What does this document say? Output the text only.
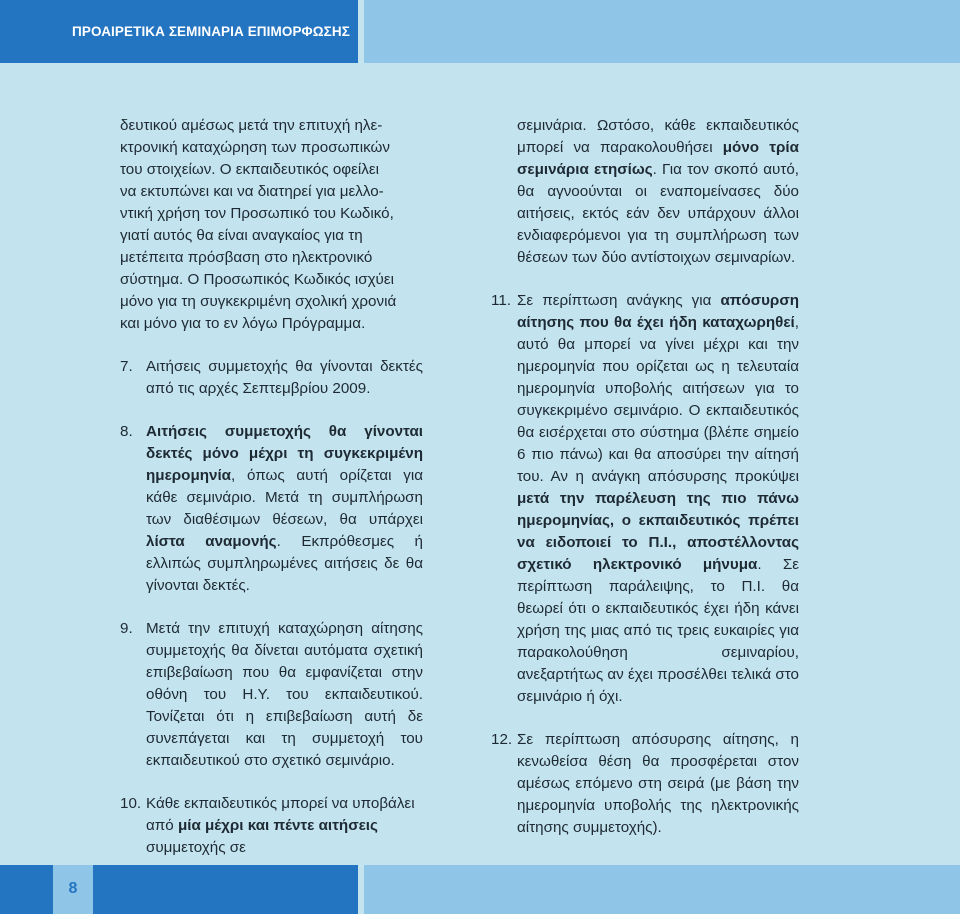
ΠΡΟΑΙΡΕΤΙΚΑ ΣΕΜΙΝΑΡΙΑ ΕΠΙΜΟΡΦΩΣΗΣ
δευτικού αμέσως μετά την επιτυχή ηλε-
κτρονική καταχώρηση των προσωπικών
του στοιχείων. Ο εκπαιδευτικός οφείλει
να εκτυπώνει και να διατηρεί για μελλο-
ντική χρήση τον Προσωπικό του Κωδικό,
γιατί αυτός θα είναι αναγκαίος για τη
μετέπειτα πρόσβαση στο ηλεκτρονικό
σύστημα. Ο Προσωπικός Κωδικός ισχύει
μόνο για τη συγκεκριμένη σχολική χρονιά
και μόνο για το εν λόγω Πρόγραμμα.
7. Αιτήσεις συμμετοχής θα γίνονται δεκτές από τις αρχές Σεπτεμβρίου 2009.
8. Αιτήσεις συμμετοχής θα γίνονται δεκτές μόνο μέχρι τη συγκεκριμένη ημερομηνία, όπως αυτή ορίζεται για κάθε σεμινάριο. Μετά τη συμπλήρωση των διαθέσιμων θέσεων, θα υπάρχει λίστα αναμονής. Εκπρόθεσμες ή ελλιπώς συμπληρωμένες αιτήσεις δε θα γίνονται δεκτές.
9. Μετά την επιτυχή καταχώρηση αίτησης συμμετοχής θα δίνεται αυτόματα σχετική επιβεβαίωση που θα εμφανίζεται στην οθόνη του Η.Υ. του εκπαιδευτικού. Τονίζεται ότι η επιβεβαίωση αυτή δε συνεπάγεται και τη συμμετοχή του εκπαιδευτικού στο σχετικό σεμινάριο.
10. Κάθε εκπαιδευτικός μπορεί να υποβάλει από μία μέχρι και πέντε αιτήσεις συμμετοχής σε
σεμινάρια. Ωστόσο, κάθε εκπαιδευτικός μπορεί να παρακολουθήσει μόνο τρία σεμινάρια ετησίως. Για τον σκοπό αυτό, θα αγνοούνται οι εναπομείνασες δύο αιτήσεις, εκτός εάν δεν υπάρχουν άλλοι ενδιαφερόμενοι για τη συμπλήρωση των θέσεων των δύο αντίστοιχων σεμιναρίων.
11. Σε περίπτωση ανάγκης για απόσυρση αίτησης που θα έχει ήδη καταχωρηθεί, αυτό θα μπορεί να γίνει μέχρι και την ημερομηνία που ορίζεται ως η τελευταία ημερομηνία υποβολής αιτήσεων για το συγκεκριμένο σεμινάριο. Ο εκπαιδευτικός θα εισέρχεται στο σύστημα (βλέπε σημείο 6 πιο πάνω) και θα αποσύρει την αίτησή του. Αν η ανάγκη απόσυρσης προκύψει μετά την παρέλευση της πιο πάνω ημερομηνίας, ο εκπαιδευτικός πρέπει να ειδοποιεί το Π.Ι., αποστέλλοντας σχετικό ηλεκτρονικό μήνυμα. Σε περίπτωση παράλειψης, το Π.Ι. θα θεωρεί ότι ο εκπαιδευτικός έχει ήδη κάνει χρήση της μιας από τις τρεις ευκαιρίες για παρακολούθηση σεμιναρίου, ανεξαρτήτως αν έχει προσέλθει τελικά στο σεμινάριο ή όχι.
12. Σε περίπτωση απόσυρσης αίτησης, η κενωθείσα θέση θα προσφέρεται στον αμέσως επόμενο στη σειρά (με βάση την ημερομηνία υποβολής της ηλεκτρονικής αίτησης συμμετοχής).
8
